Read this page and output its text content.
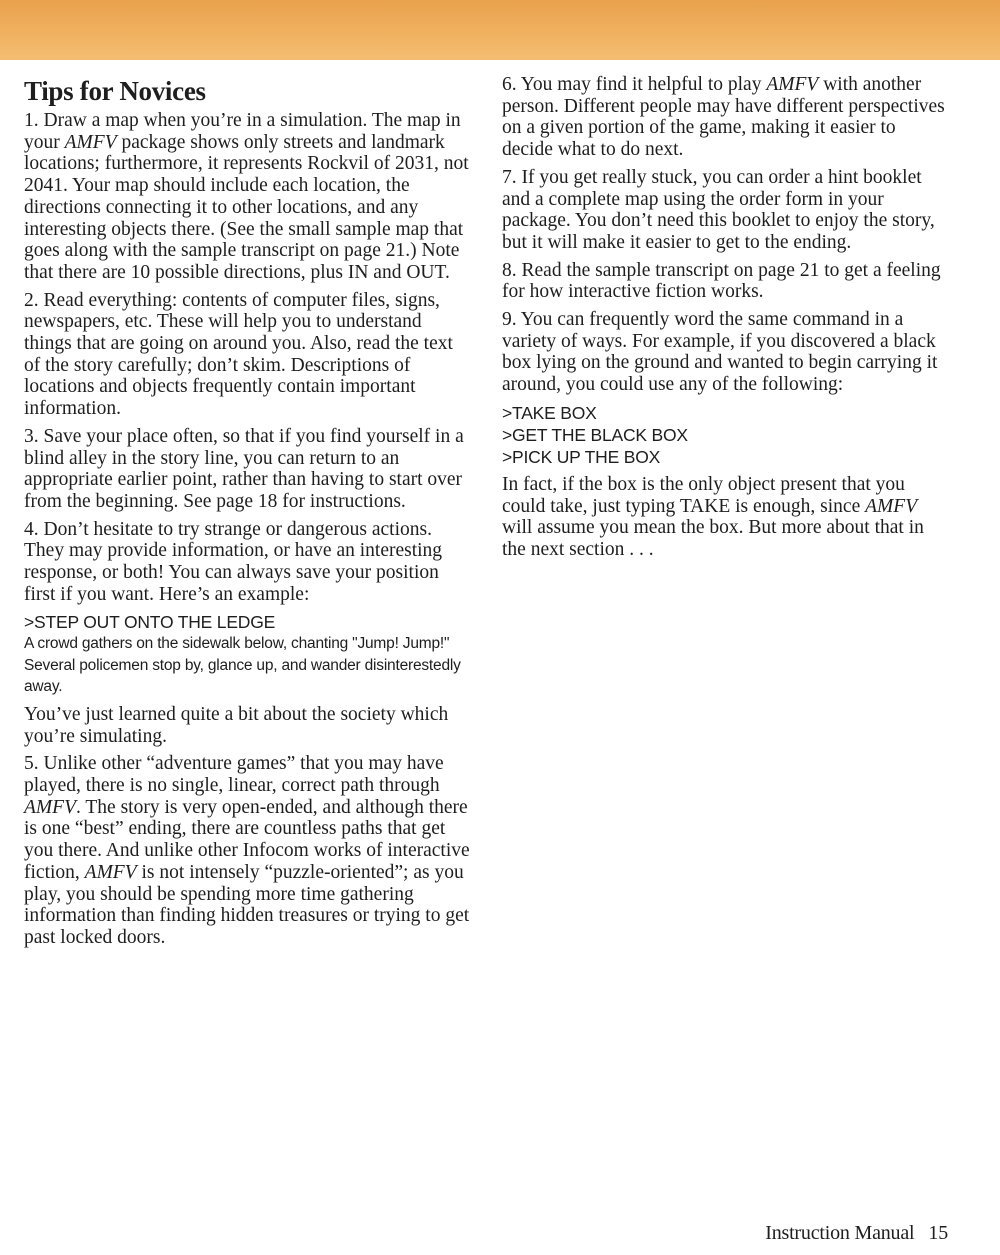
Tips for Novices

1. Draw a map when you’re in a simulation. The map in your AMFV package shows only streets and landmark locations; furthermore, it represents Rockvil of 2031, not 2041. Your map should include each location, the directions connecting it to other locations, and any interesting objects there. (See the small sample map that goes along with the sample transcript on page 21.) Note that there are 10 possible directions, plus IN and OUT.

2. Read everything: contents of computer files, signs, newspapers, etc. These will help you to understand things that are going on around you. Also, read the text of the story carefully; don’t skim. Descriptions of locations and objects frequently contain important information.

3. Save your place often, so that if you find yourself in a blind alley in the story line, you can return to an appropriate earlier point, rather than having to start over from the beginning. See page 18 for instructions.

4. Don’t hesitate to try strange or dangerous actions. They may provide information, or have an interesting response, or both! You can always save your position first if you want. Here’s an example:

>STEP OUT ONTO THE LEDGE

A crowd gathers on the sidewalk below, chanting "Jump! Jump!" Several policemen stop by, glance up, and wander disinterestedly away.

You’ve just learned quite a bit about the society which you’re simulating.

5. Unlike other “adventure games” that you may have played, there is no single, linear, correct path through AMFV. The story is very open-ended, and although there is one “best” ending, there are countless paths that get you there. And unlike other Infocom works of interactive fiction, AMFV is not intensely “puzzle-oriented”; as you play, you should be spending more time gathering information than finding hidden treasures or trying to get past locked doors.

6. You may find it helpful to play AMFV with another person. Different people may have different perspectives on a given portion of the game, making it easier to decide what to do next.

7. If you get really stuck, you can order a hint booklet and a complete map using the order form in your package. You don’t need this booklet to enjoy the story, but it will make it easier to get to the ending.

8. Read the sample transcript on page 21 to get a feeling for how interactive fiction works.

9. You can frequently word the same command in a variety of ways. For example, if you discovered a black box lying on the ground and wanted to begin carrying it around, you could use any of the following:

>TAKE BOX

>GET THE BLACK BOX

>PICK UP THE BOX

In fact, if the box is the only object present that you could take, just typing TAKE is enough, since AMFV will assume you mean the box. But more about that in the next section . . .

Instruction Manual 15
